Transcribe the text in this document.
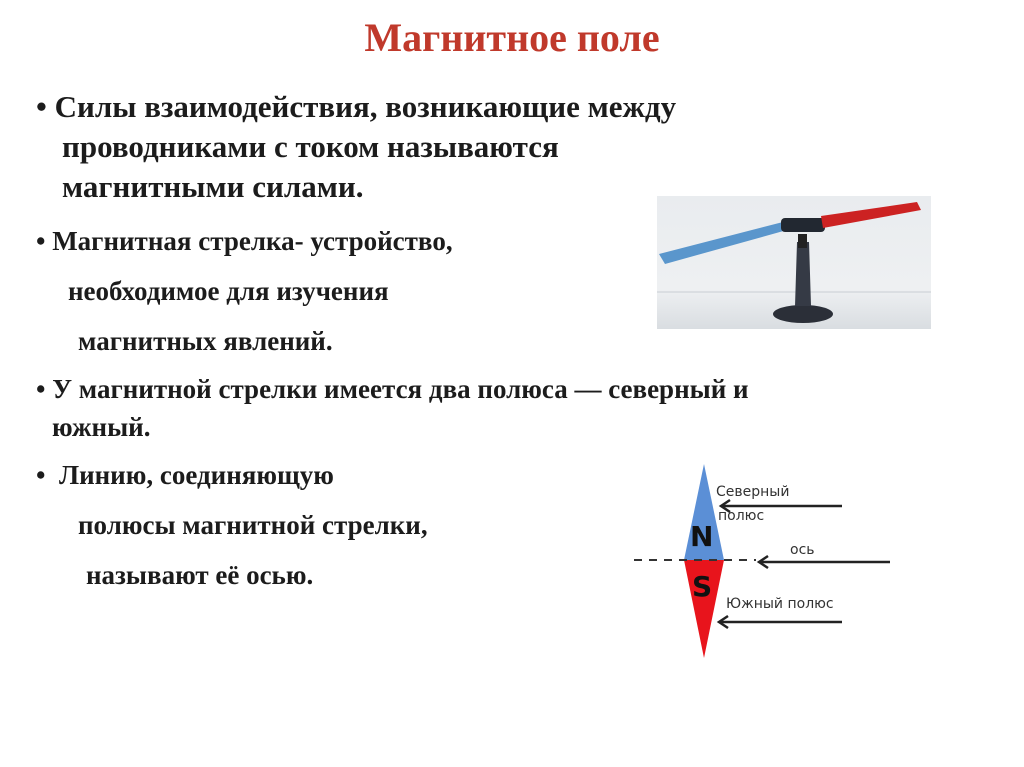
Магнитное поле
• Силы взаимодействия, возникающие между
проводниками с током называются
магнитными силами.
• Магнитная стрелка- устройство,
необходимое для изучения
магнитных явлений.
• У магнитной стрелки имеется два полюса — северный и
южный.
• Линию, соединяющую
полюсы магнитной стрелки,
называют её осью.
N
S
Северный
полюс
ось
Южный полюс
